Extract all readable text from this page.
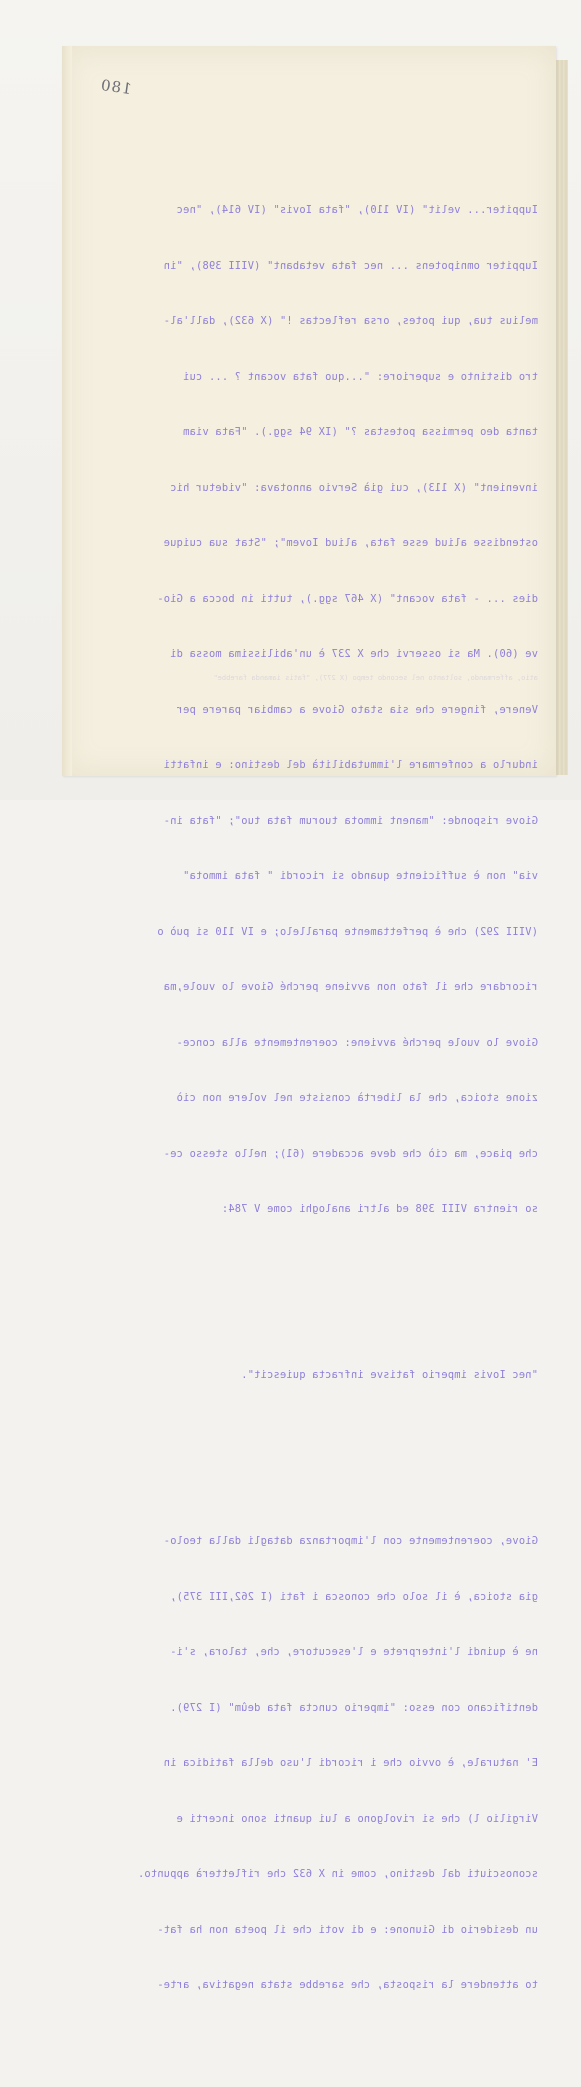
180

Iuppiter... velit" (IV 110), "fata Iovis" (IV 614), "nec

Iuppiter omnipotens ... nec fata vetabant" (VIII 398), "in

melius tua, qui potes, orsa reflectas !" (X 632), dall'al-

tro distinto e superiore: "...quo fata vocant ? ... cui

tanta deo permissa potestas ?" (IX 94 sgg.). "Fata viam

invenient" (X 113), cui già Servio annotava: "videtur hic

ostendisse aliud esse fata, aliud Iovem"; "Stat sua cuique

dies ... - fata vocant" (X 467 sgg.), tutti in bocca a Gio-

ve (60). Ma si osservi che X 237 è un'abilissima mossa di

Venere, fingere che sia stato Giove a cambiar parere per

indurlo a confermare l'immutabilità del destino: e infatti

Giove risponde: "manent immota tuorum fata tuo"; "fata in-

via" non è sufficiente quando si ricordi " fata immota"

(VIII 292) che è perfettamente parallelo; e IV 110 si può o

ricordare che il fato non avviene perché Giove lo vuole,ma

Giove lo vuole perché avviene: coerentemente alla conce-

zione stoica, che la libertà consiste nel volere non ciò

che piace, ma ciò che deve accadere (61); nello stesso ce-

so rientra VIII 398 ed altri analoghi come V 784:

"nec Iovis imperio fatisve infracta quiescit".

Giove, coerentemente con l'importanza datagli dalla teolo-

gia stoica, è il solo che conosca i fati (I 262,III 375),

ne è quindi l'interprete e l'esecutore, che, talora, s'i-

dentificano con esso: "imperio cuncta fata deûm" (I 279).

E' naturale, è ovvio che i ricordi l'uso della fatidica in

Virgilio l) che si rivolgono a lui quanti sono incerti e

sconosciuti dal destino, come in X 632 che rifletterà appunto.

un desiderio di Giunone: e di voti che il poeta non ha fat-

to attendere la risposta, che sarebbe stata negativa, arte-

atio, affermando, soltanto nel secondo tempo (X 277), "fatis iamanda farebbe"
